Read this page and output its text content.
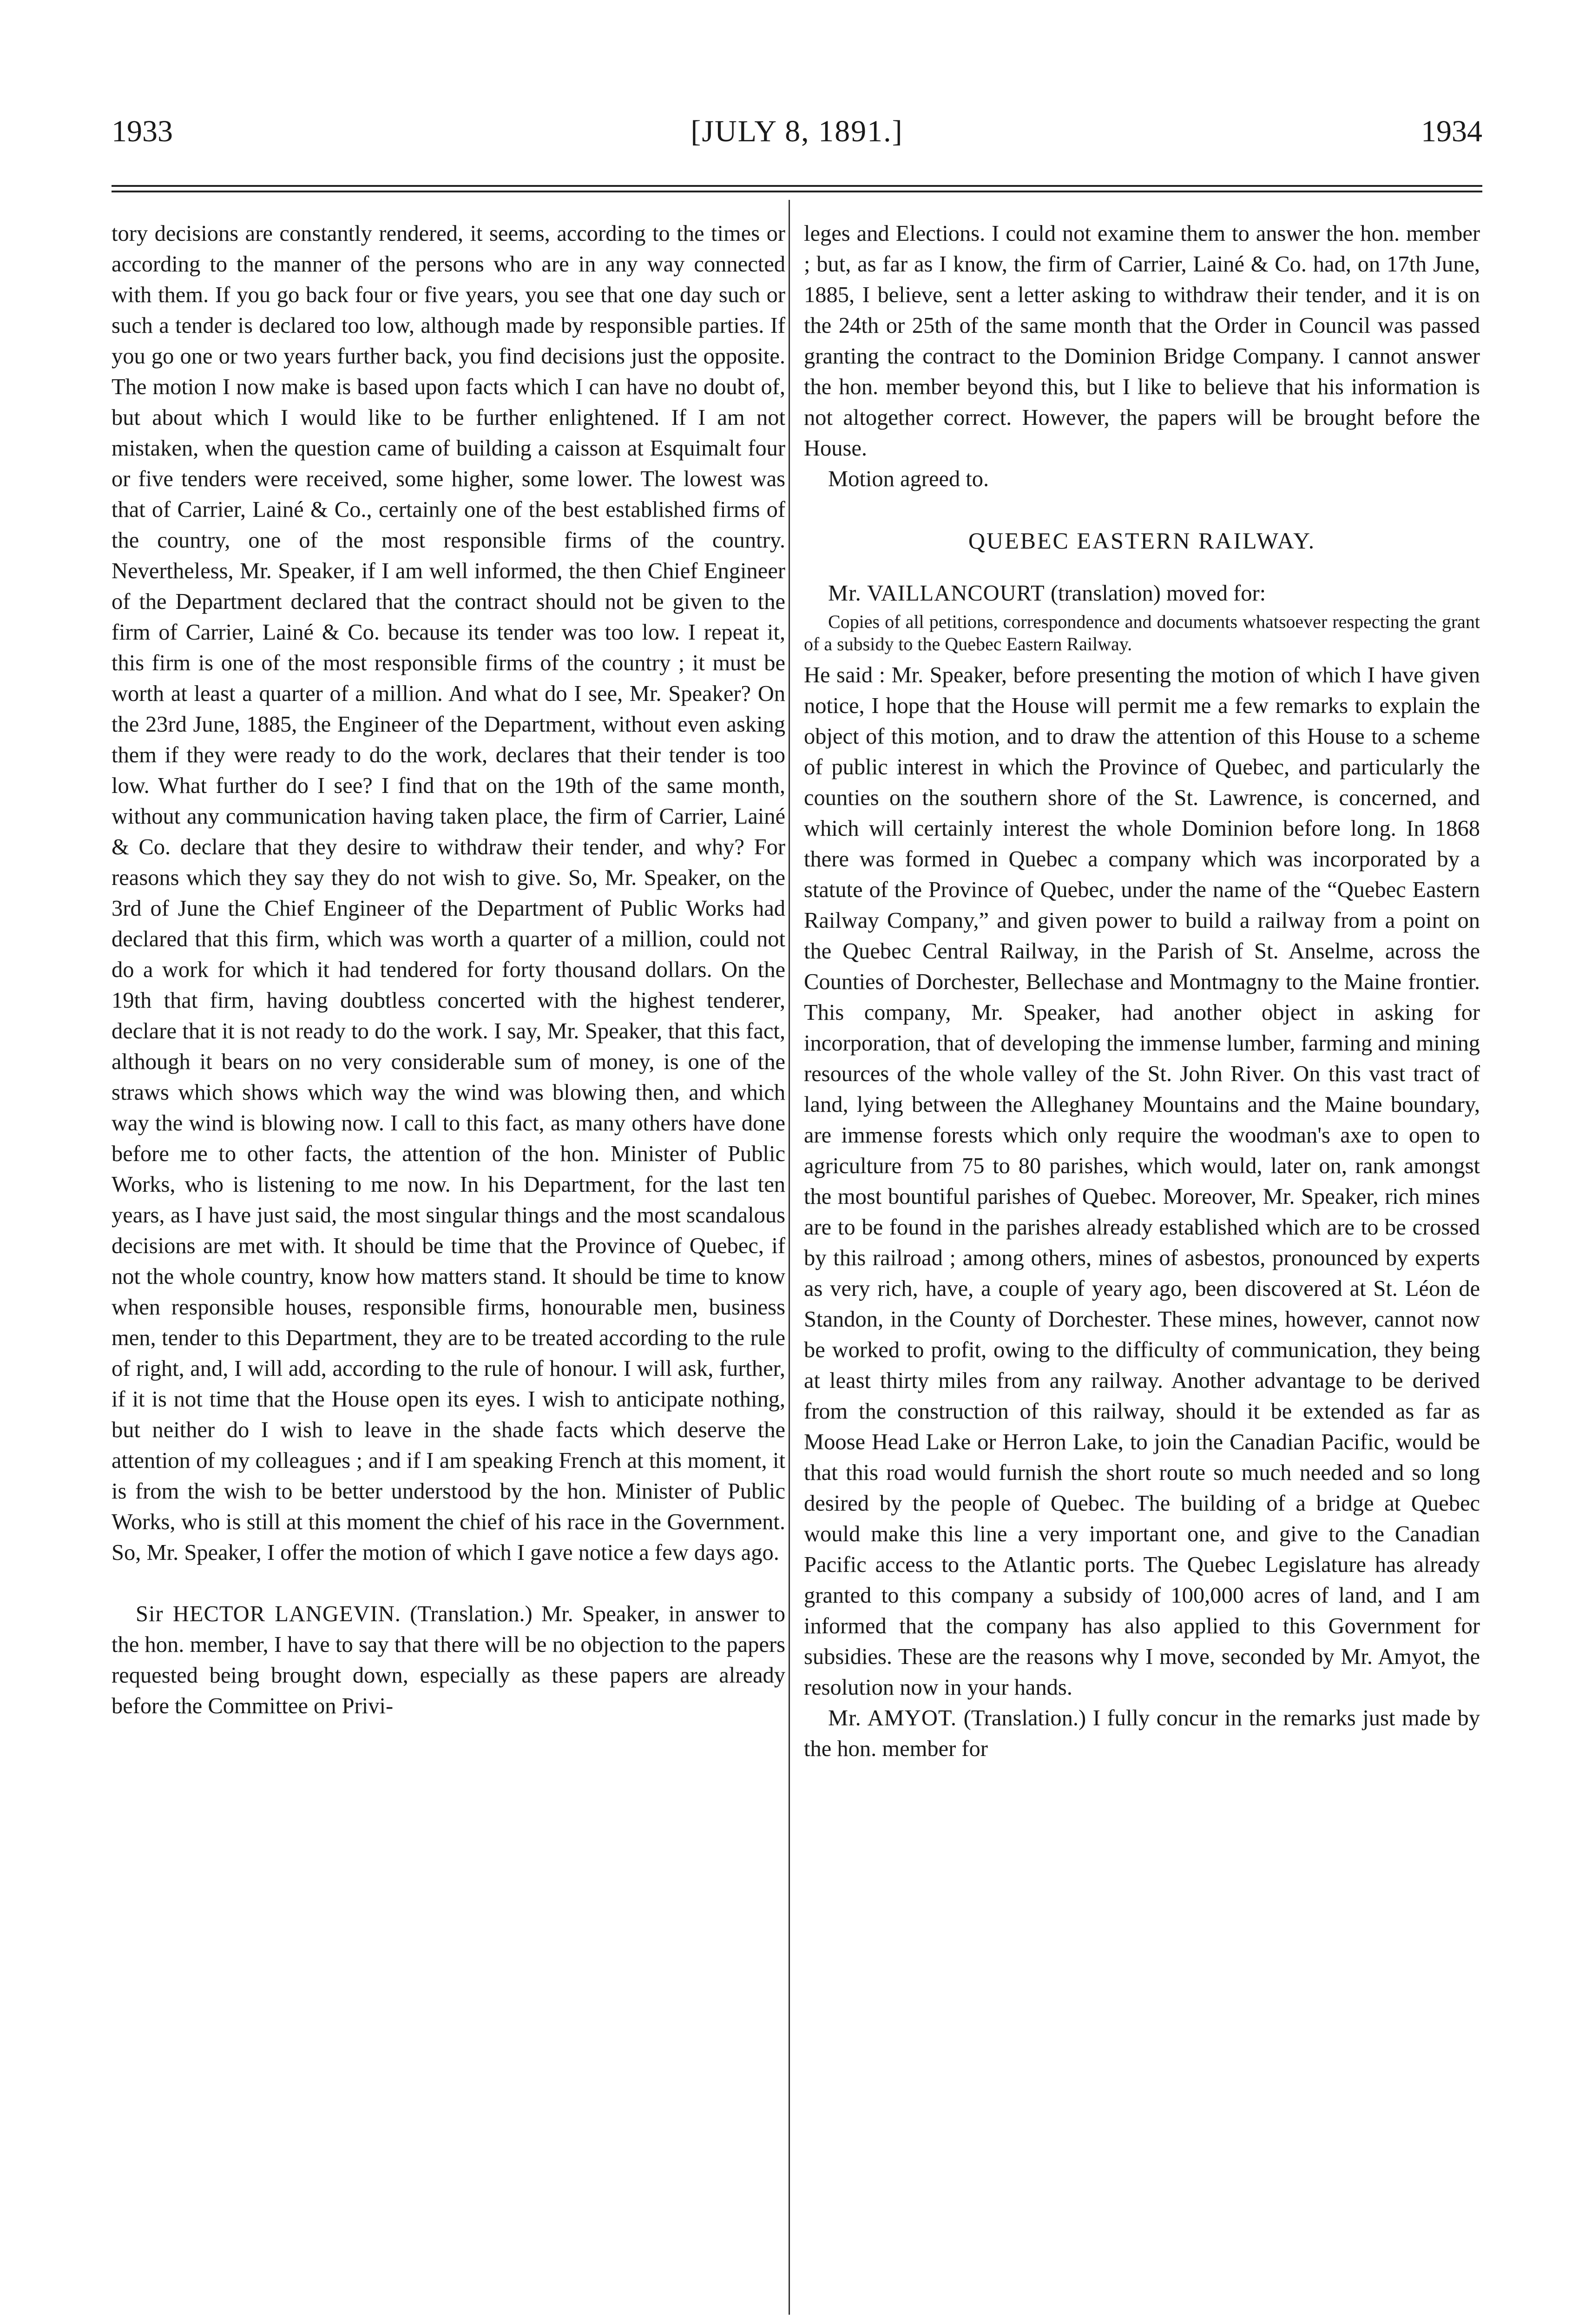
1933	[JULY 8, 1891.]	1934

tory decisions are constantly rendered, it seems, according to the times or according to the manner of the persons who are in any way connected with them. If you go back four or five years, you see that one day such or such a tender is declared too low, although made by responsible parties. If you go one or two years further back, you find decisions just the opposite. The motion I now make is based upon facts which I can have no doubt of, but about which I would like to be further enlightened. If I am not mistaken, when the question came of building a caisson at Esquimalt four or five tenders were received, some higher, some lower. The lowest was that of Carrier, Lainé & Co., certainly one of the best established firms of the country, one of the most responsible firms of the country. Nevertheless, Mr. Speaker, if I am well informed, the then Chief Engineer of the Department declared that the contract should not be given to the firm of Carrier, Lainé & Co. because its tender was too low. I repeat it, this firm is one of the most responsible firms of the country ; it must be worth at least a quarter of a million. And what do I see, Mr. Speaker? On the 23rd June, 1885, the Engineer of the Department, without even asking them if they were ready to do the work, declares that their tender is too low. What further do I see? I find that on the 19th of the same month, without any communication having taken place, the firm of Carrier, Lainé & Co. declare that they desire to withdraw their tender, and why? For reasons which they say they do not wish to give. So, Mr. Speaker, on the 3rd of June the Chief Engineer of the Department of Public Works had declared that this firm, which was worth a quarter of a million, could not do a work for which it had tendered for forty thousand dollars. On the 19th that firm, having doubtless concerted with the highest tenderer, declare that it is not ready to do the work. I say, Mr. Speaker, that this fact, although it bears on no very considerable sum of money, is one of the straws which shows which way the wind was blowing then, and which way the wind is blowing now. I call to this fact, as many others have done before me to other facts, the attention of the hon. Minister of Public Works, who is listening to me now. In his Department, for the last ten years, as I have just said, the most singular things and the most scandalous decisions are met with. It should be time that the Province of Quebec, if not the whole country, know how matters stand. It should be time to know when responsible houses, responsible firms, honourable men, business men, tender to this Department, they are to be treated according to the rule of right, and, I will add, according to the rule of honour. I will ask, further, if it is not time that the House open its eyes. I wish to anticipate nothing, but neither do I wish to leave in the shade facts which deserve the attention of my colleagues ; and if I am speaking French at this moment, it is from the wish to be better understood by the hon. Minister of Public Works, who is still at this moment the chief of his race in the Government. So, Mr. Speaker, I offer the motion of which I gave notice a few days ago.

Sir HECTOR LANGEVIN. (Translation.) Mr. Speaker, in answer to the hon. member, I have to say that there will be no objection to the papers requested being brought down, especially as these papers are already before the Committee on Privi-

leges and Elections. I could not examine them to answer the hon. member ; but, as far as I know, the firm of Carrier, Lainé & Co. had, on 17th June, 1885, I believe, sent a letter asking to withdraw their tender, and it is on the 24th or 25th of the same month that the Order in Council was passed granting the contract to the Dominion Bridge Company. I cannot answer the hon. member beyond this, but I like to believe that his information is not altogether correct. However, the papers will be brought before the House.

Motion agreed to.

QUEBEC EASTERN RAILWAY.

Mr. VAILLANCOURT (translation) moved for:

Copies of all petitions, correspondence and documents whatsoever respecting the grant of a subsidy to the Quebec Eastern Railway.

He said : Mr. Speaker, before presenting the motion of which I have given notice, I hope that the House will permit me a few remarks to explain the object of this motion, and to draw the attention of this House to a scheme of public interest in which the Province of Quebec, and particularly the counties on the southern shore of the St. Lawrence, is concerned, and which will certainly interest the whole Dominion before long. In 1868 there was formed in Quebec a company which was incorporated by a statute of the Province of Quebec, under the name of the “Quebec Eastern Railway Company,” and given power to build a railway from a point on the Quebec Central Railway, in the Parish of St. Anselme, across the Counties of Dorchester, Bellechase and Montmagny to the Maine frontier. This company, Mr. Speaker, had another object in asking for incorporation, that of developing the immense lumber, farming and mining resources of the whole valley of the St. John River. On this vast tract of land, lying between the Alleghaney Mountains and the Maine boundary, are immense forests which only require the woodman's axe to open to agriculture from 75 to 80 parishes, which would, later on, rank amongst the most bountiful parishes of Quebec. Moreover, Mr. Speaker, rich mines are to be found in the parishes already established which are to be crossed by this railroad ; among others, mines of asbestos, pronounced by experts as very rich, have, a couple of yeary ago, been discovered at St. Léon de Standon, in the County of Dorchester. These mines, however, cannot now be worked to profit, owing to the difficulty of communication, they being at least thirty miles from any railway. Another advantage to be derived from the construction of this railway, should it be extended as far as Moose Head Lake or Herron Lake, to join the Canadian Pacific, would be that this road would furnish the short route so much needed and so long desired by the people of Quebec. The building of a bridge at Quebec would make this line a very important one, and give to the Canadian Pacific access to the Atlantic ports. The Quebec Legislature has already granted to this company a subsidy of 100,000 acres of land, and I am informed that the company has also applied to this Government for subsidies. These are the reasons why I move, seconded by Mr. Amyot, the resolution now in your hands.

Mr. AMYOT. (Translation.) I fully concur in the remarks just made by the hon. member for
